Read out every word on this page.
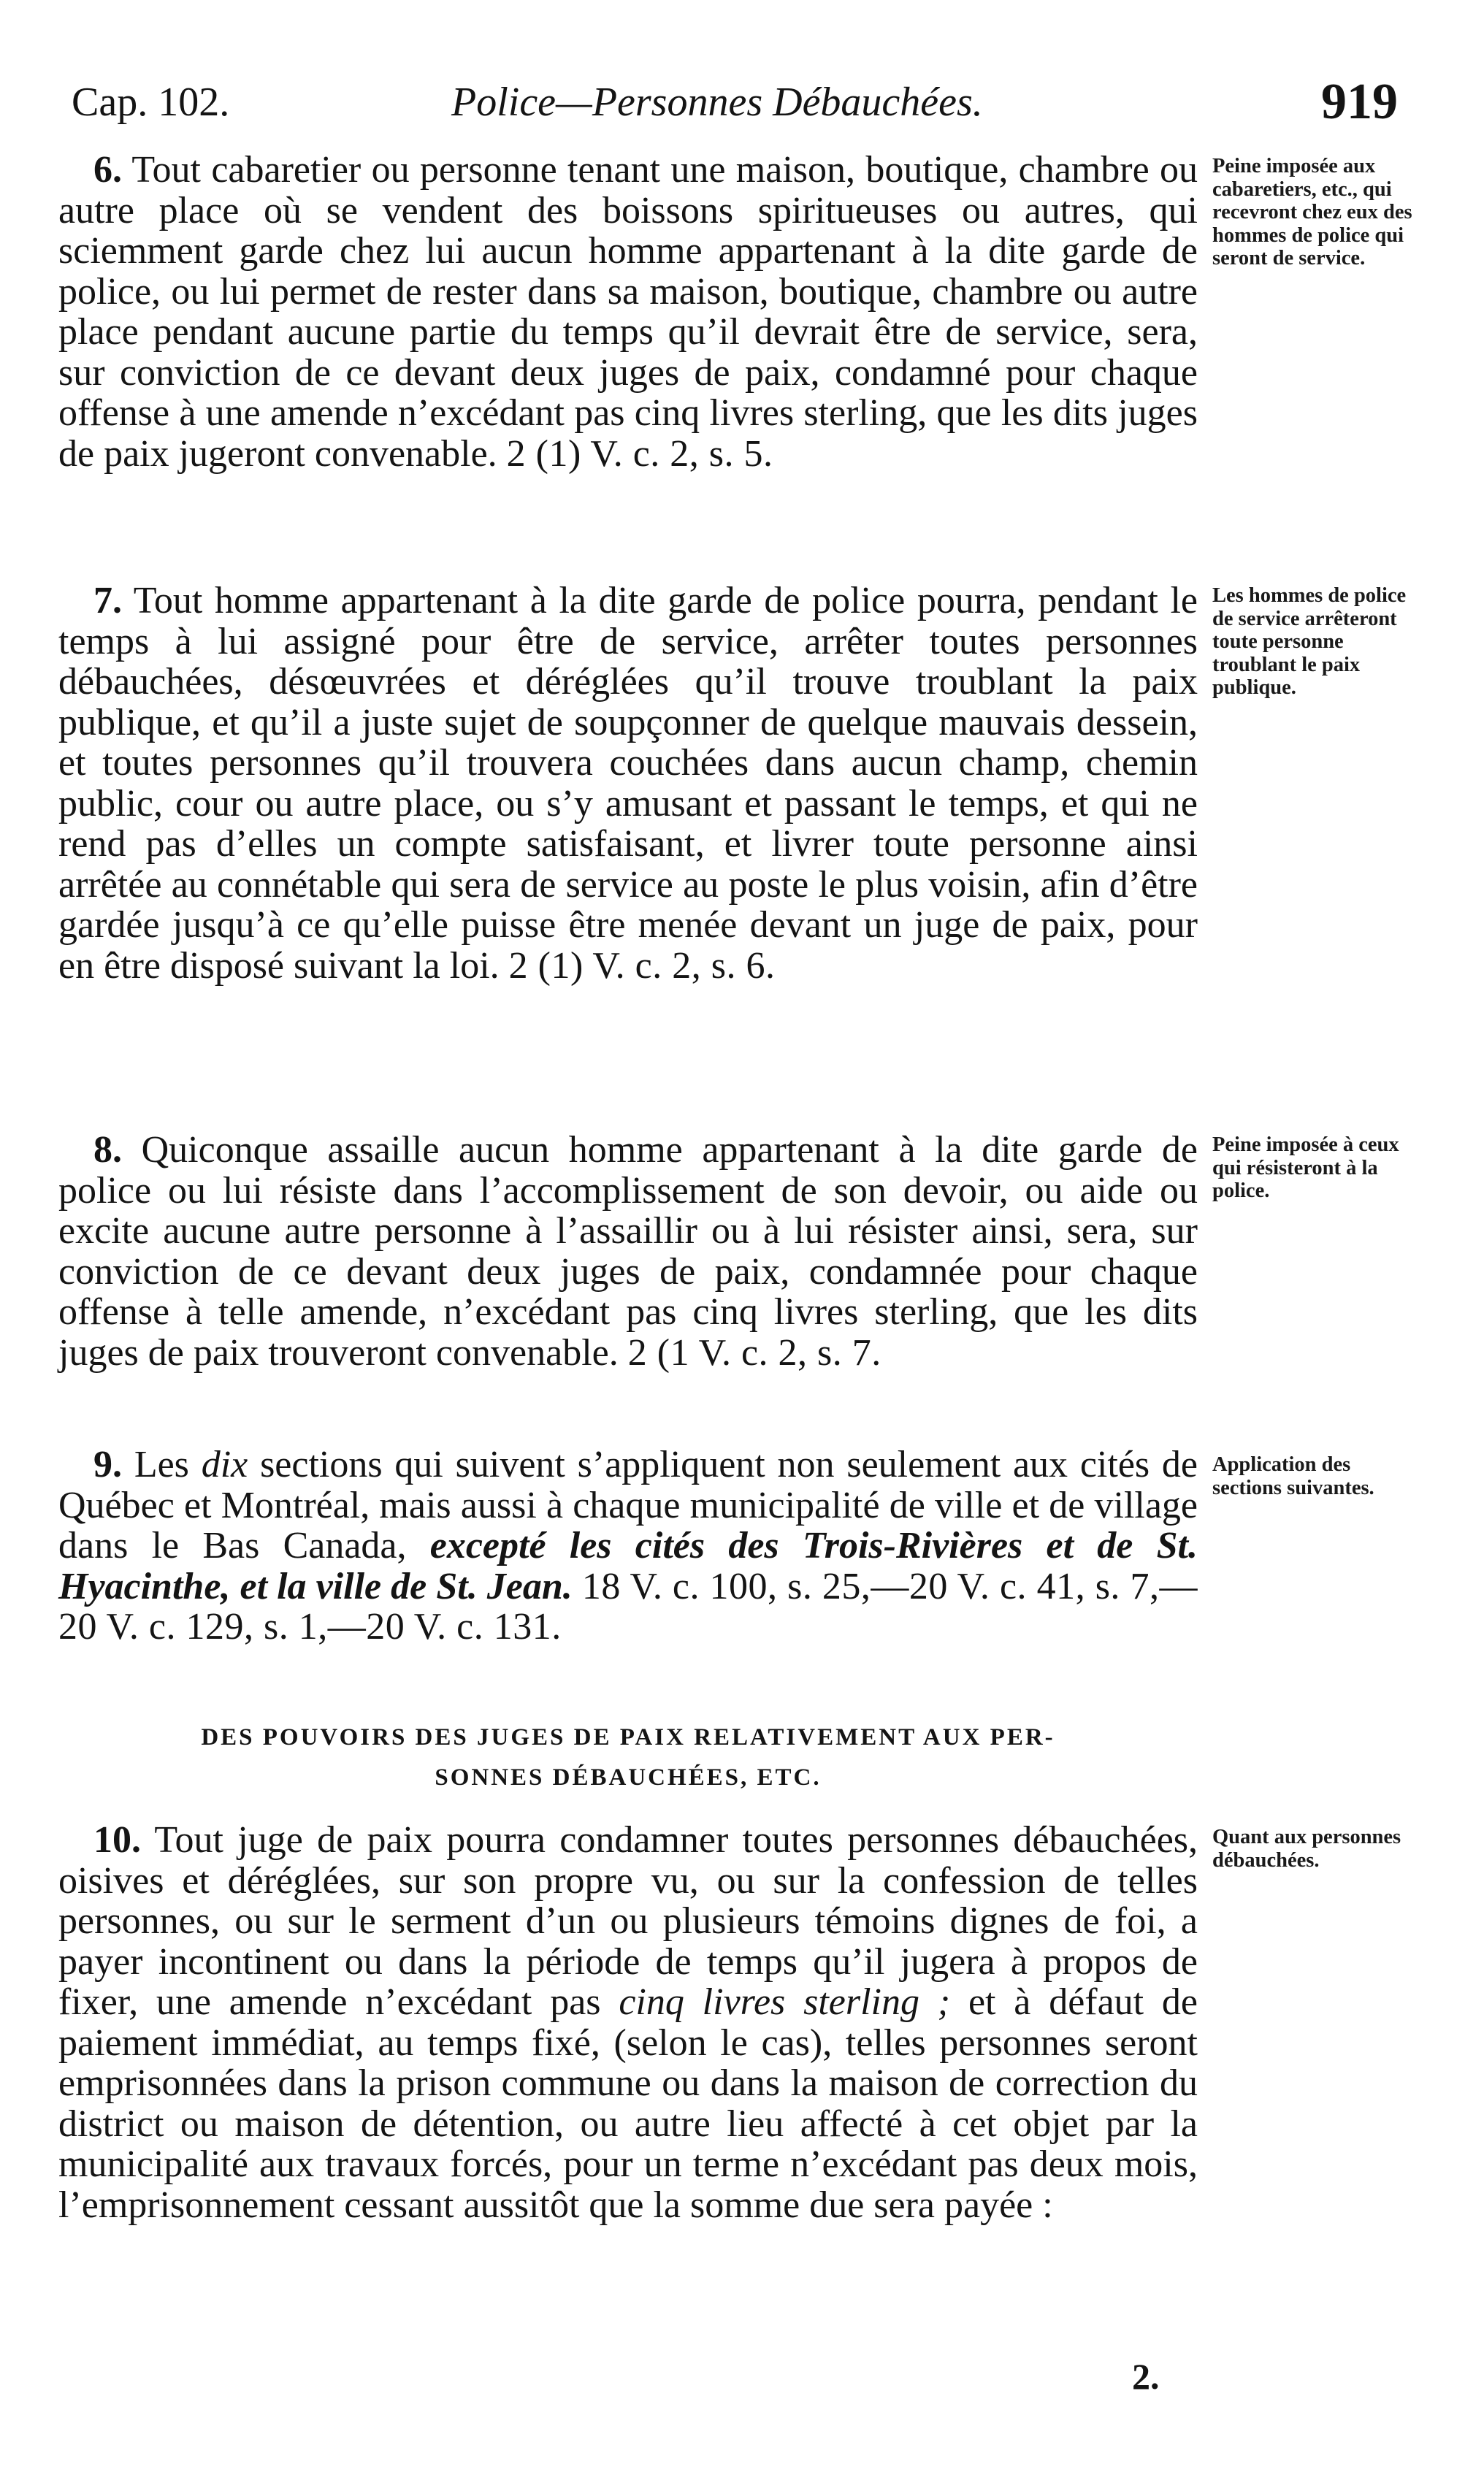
Cap. 102.	Police—Personnes Débauchées.	919

6. Tout cabaretier ou personne tenant une maison, boutique, chambre ou autre place où se vendent des boissons spiritueuses ou autres, qui sciemment garde chez lui aucun homme appartenant à la dite garde de police, ou lui permet de rester dans sa maison, boutique, chambre ou autre place pendant aucune partie du temps qu’il devrait être de service, sera, sur conviction de ce devant deux juges de paix, condamné pour chaque offense à une amende n’excédant pas cinq livres sterling, que les dits juges de paix jugeront convenable. 2 (1) V. c. 2, s. 5.

Peine imposée aux cabaretiers, etc., qui recevront chez eux des hommes de police qui seront de service.

7. Tout homme appartenant à la dite garde de police pourra, pendant le temps à lui assigné pour être de service, arrêter toutes personnes débauchées, désœuvrées et déréglées qu’il trouve troublant la paix publique, et qu’il a juste sujet de soupçonner de quelque mauvais dessein, et toutes personnes qu’il trouvera couchées dans aucun champ, chemin public, cour ou autre place, ou s’y amusant et passant le temps, et qui ne rend pas d’elles un compte satisfaisant, et livrer toute personne ainsi arrêtée au connétable qui sera de service au poste le plus voisin, afin d’être gardée jusqu’à ce qu’elle puisse être menée devant un juge de paix, pour en être disposé suivant la loi. 2 (1) V. c. 2, s. 6.

Les hommes de police de service arrêteront toute personne troublant le paix publique.

8. Quiconque assaille aucun homme appartenant à la dite garde de police ou lui résiste dans l’accomplissement de son devoir, ou aide ou excite aucune autre personne à l’assaillir ou à lui résister ainsi, sera, sur conviction de ce devant deux juges de paix, condamnée pour chaque offense à telle amende, n’excédant pas cinq livres sterling, que les dits juges de paix trouveront convenable. 2 (1 V. c. 2, s. 7.

Peine imposée à ceux qui résisteront à la police.

9. Les dix sections qui suivent s’appliquent non seulement aux cités de Québec et Montréal, mais aussi à chaque municipalité de ville et de village dans le Bas Canada, excepté les cités des Trois-Rivières et de St. Hyacinthe, et la ville de St. Jean. 18 V. c. 100, s. 25,—20 V. c. 41, s. 7,—20 V. c. 129, s. 1,—20 V. c. 131.

Application des sections suivantes.
DES POUVOIRS DES JUGES DE PAIX RELATIVEMENT AUX PER-
SONNES DÉBAUCHÉES, ETC.

10. Tout juge de paix pourra condamner toutes personnes débauchées, oisives et déréglées, sur son propre vu, ou sur la confession de telles personnes, ou sur le serment d’un ou plusieurs témoins dignes de foi, a payer incontinent ou dans la période de temps qu’il jugera à propos de fixer, une amende n’excédant pas cinq livres sterling ; et à défaut de paiement immédiat, au temps fixé, (selon le cas), telles personnes seront emprisonnées dans la prison commune ou dans la maison de correction du district ou maison de détention, ou autre lieu affecté à cet objet par la municipalité aux travaux forcés, pour un terme n’excédant pas deux mois, l’emprisonnement cessant aussitôt que la somme due sera payée :

Quant aux personnes débauchées.
2.
